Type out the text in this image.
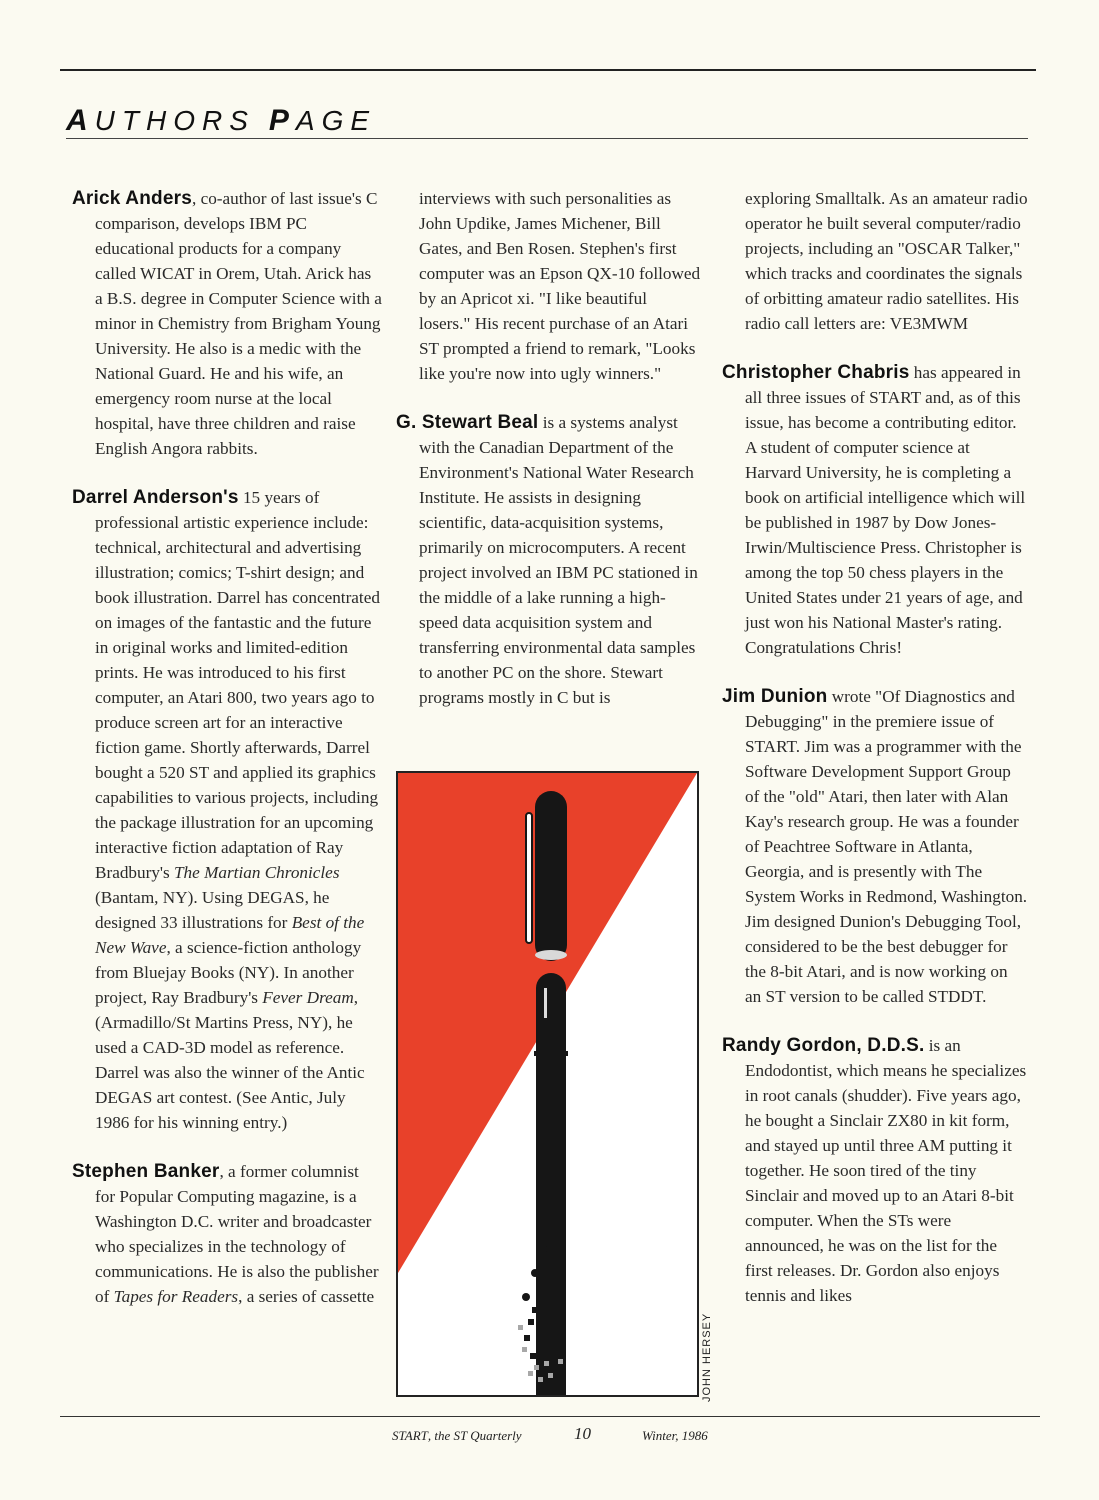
AUTHORS PAGE

Arick Anders, co-author of last issue's C comparison, develops IBM PC educational products for a company called WICAT in Orem, Utah. Arick has a B.S. degree in Computer Science with a minor in Chemistry from Brigham Young University. He also is a medic with the National Guard. He and his wife, an emergency room nurse at the local hospital, have three children and raise English Angora rabbits.

Darrel Anderson's 15 years of professional artistic experience include: technical, architectural and advertising illustration; comics; T-shirt design; and book illustration. Darrel has concentrated on images of the fantastic and the future in original works and limited-edition prints. He was introduced to his first computer, an Atari 800, two years ago to produce screen art for an interactive fiction game. Shortly afterwards, Darrel bought a 520 ST and applied its graphics capabilities to various projects, including the package illustration for an upcoming interactive fiction adaptation of Ray Bradbury's The Martian Chronicles (Bantam, NY). Using DEGAS, he designed 33 illustrations for Best of the New Wave, a science-fiction anthology from Bluejay Books (NY). In another project, Ray Bradbury's Fever Dream, (Armadillo/St Martins Press, NY), he used a CAD-3D model as reference. Darrel was also the winner of the Antic DEGAS art contest. (See Antic, July 1986 for his winning entry.)

Stephen Banker, a former columnist for Popular Computing magazine, is a Washington D.C. writer and broadcaster who specializes in the technology of communications. He is also the publisher of Tapes for Readers, a series of cassette

interviews with such personalities as John Updike, James Michener, Bill Gates, and Ben Rosen. Stephen's first computer was an Epson QX-10 followed by an Apricot xi. "I like beautiful losers." His recent purchase of an Atari ST prompted a friend to remark, "Looks like you're now into ugly winners."

G. Stewart Beal is a systems analyst with the Canadian Department of the Environment's National Water Research Institute. He assists in designing scientific, data-acquisition systems, primarily on microcomputers. A recent project involved an IBM PC stationed in the middle of a lake running a high-speed data acquisition system and transferring environmental data samples to another PC on the shore. Stewart programs mostly in C but is

exploring Smalltalk. As an amateur radio operator he built several computer/radio projects, including an "OSCAR Talker," which tracks and coordinates the signals of orbitting amateur radio satellites. His radio call letters are: VE3MWM

Christopher Chabris has appeared in all three issues of START and, as of this issue, has become a contributing editor. A student of computer science at Harvard University, he is completing a book on artificial intelligence which will be published in 1987 by Dow Jones-Irwin/Multiscience Press. Christopher is among the top 50 chess players in the United States under 21 years of age, and just won his National Master's rating. Congratulations Chris!

Jim Dunion wrote "Of Diagnostics and Debugging" in the premiere issue of START. Jim was a programmer with the Software Development Support Group of the "old" Atari, then later with Alan Kay's research group. He was a founder of Peachtree Software in Atlanta, Georgia, and is presently with The System Works in Redmond, Washington. Jim designed Dunion's Debugging Tool, considered to be the best debugger for the 8-bit Atari, and is now working on an ST version to be called STDDT.

Randy Gordon, D.D.S. is an Endodontist, which means he specializes in root canals (shudder). Five years ago, he bought a Sinclair ZX80 in kit form, and stayed up until three AM putting it together. He soon tired of the tiny Sinclair and moved up to an Atari 8-bit computer. When the STs were announced, he was on the list for the first releases. Dr. Gordon also enjoys tennis and likes

JOHN HERSEY
START, the ST Quarterly	10	Winter, 1986
